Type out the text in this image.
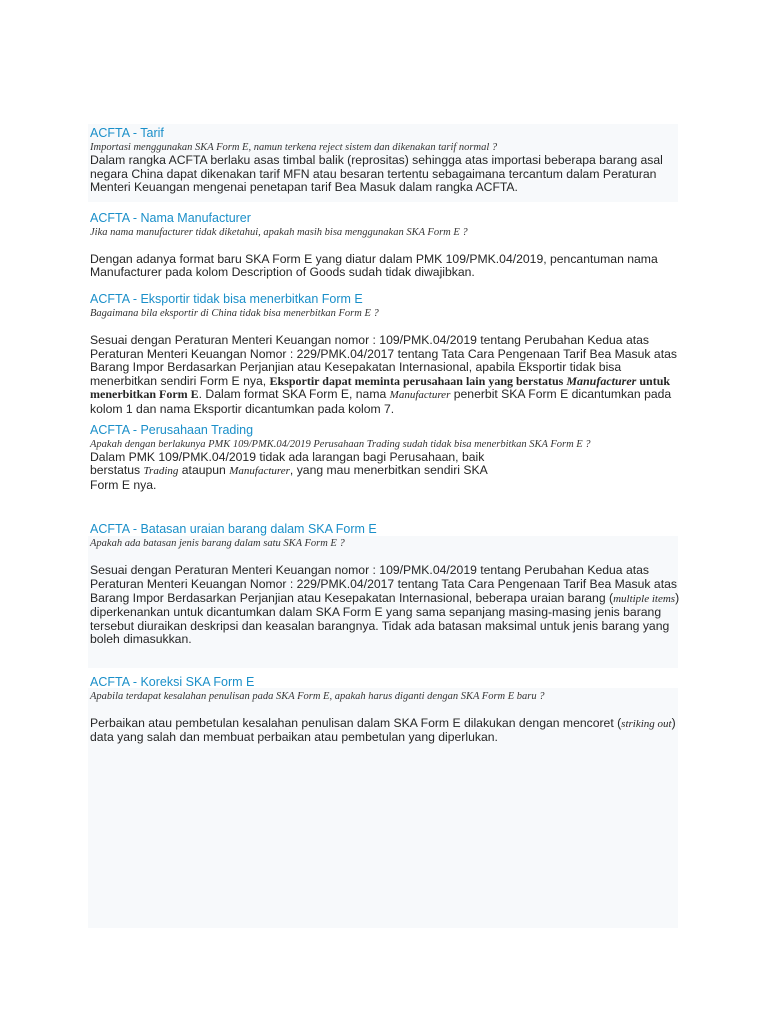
ACFTA - Tarif
Importasi menggunakan SKA Form E, namun terkena reject sistem dan dikenakan tarif normal ?
Dalam rangka ACFTA berlaku asas timbal balik (reprositas) sehingga atas importasi beberapa barang asal negara China dapat dikenakan tarif MFN atau besaran tertentu sebagaimana tercantum dalam Peraturan Menteri Keuangan mengenai penetapan tarif Bea Masuk dalam rangka ACFTA.
ACFTA - Nama Manufacturer
Jika nama manufacturer tidak diketahui, apakah masih bisa menggunakan SKA Form E ?
Dengan adanya format baru SKA Form E yang diatur dalam PMK 109/PMK.04/2019, pencantuman nama Manufacturer pada kolom Description of Goods sudah tidak diwajibkan.
ACFTA - Eksportir tidak bisa menerbitkan Form E
Bagaimana bila eksportir di China tidak bisa menerbitkan Form E ?
Sesuai dengan Peraturan Menteri Keuangan nomor : 109/PMK.04/2019 tentang Perubahan Kedua atas Peraturan Menteri Keuangan Nomor : 229/PMK.04/2017 tentang Tata Cara Pengenaan Tarif Bea Masuk atas Barang Impor Berdasarkan Perjanjian atau Kesepakatan Internasional, apabila Eksportir tidak bisa menerbitkan sendiri Form E nya, Eksportir dapat meminta perusahaan lain yang berstatus Manufacturer untuk menerbitkan Form E. Dalam format SKA Form E, nama Manufacturer penerbit SKA Form E dicantumkan pada kolom 1 dan nama Eksportir dicantumkan pada kolom 7.
ACFTA - Perusahaan Trading
Apakah dengan berlakunya PMK 109/PMK.04/2019 Perusahaan Trading sudah tidak bisa menerbitkan SKA Form E ?
Dalam PMK 109/PMK.04/2019 tidak ada larangan bagi Perusahaan, baik berstatus Trading ataupun Manufacturer, yang mau menerbitkan sendiri SKA Form E nya.
ACFTA - Batasan uraian barang dalam SKA Form E
Apakah ada batasan jenis barang dalam satu SKA Form E ?
Sesuai dengan Peraturan Menteri Keuangan nomor : 109/PMK.04/2019 tentang Perubahan Kedua atas Peraturan Menteri Keuangan Nomor : 229/PMK.04/2017 tentang Tata Cara Pengenaan Tarif Bea Masuk atas Barang Impor Berdasarkan Perjanjian atau Kesepakatan Internasional, beberapa uraian barang (multiple items) diperkenankan untuk dicantumkan dalam SKA Form E yang sama sepanjang masing-masing jenis barang tersebut diuraikan deskripsi dan keasalan barangnya. Tidak ada batasan maksimal untuk jenis barang yang boleh dimasukkan.
ACFTA - Koreksi SKA Form E
Apabila terdapat kesalahan penulisan pada SKA Form E, apakah harus diganti dengan SKA Form E baru ?
Perbaikan atau pembetulan kesalahan penulisan dalam SKA Form E dilakukan dengan mencoret (striking out) data yang salah dan membuat perbaikan atau pembetulan yang diperlukan.
